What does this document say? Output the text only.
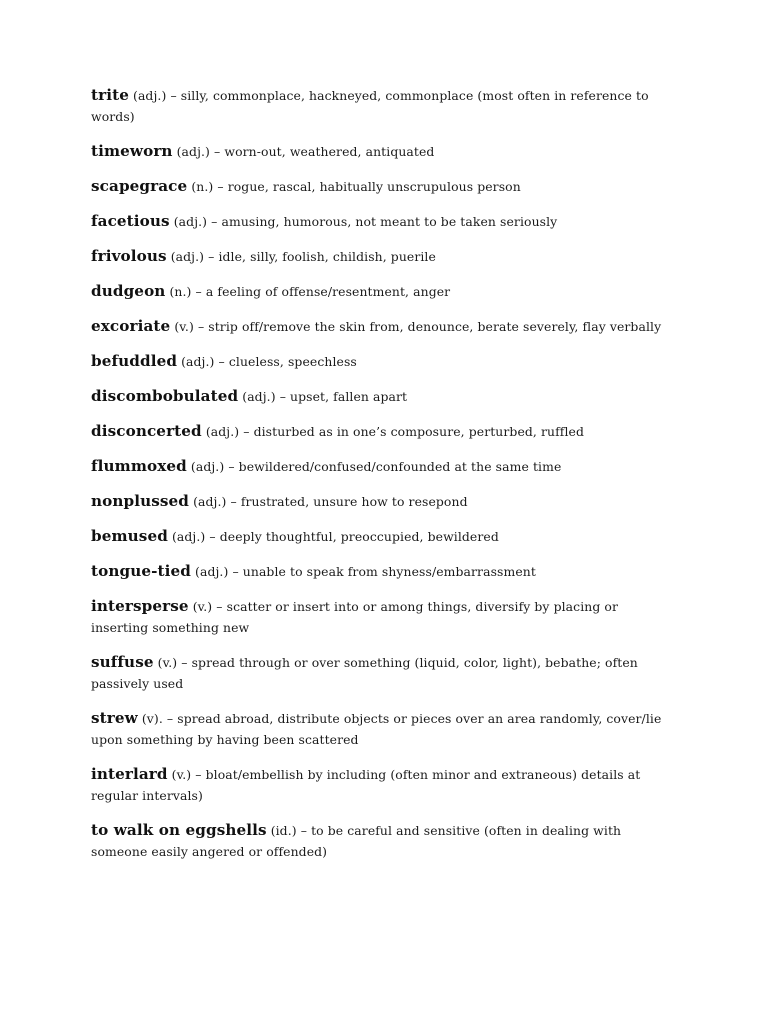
trite (adj.) – silly, commonplace, hackneyed, commonplace (most often in reference to words)
timeworn (adj.) – worn-out, weathered, antiquated
scapegrace (n.) – rogue, rascal, habitually unscrupulous person
facetious (adj.) – amusing, humorous, not meant to be taken seriously
frivolous (adj.) – idle, silly, foolish, childish, puerile
dudgeon (n.) – a feeling of offense/resentment, anger
excoriate (v.) – strip off/remove the skin from, denounce, berate severely, flay verbally
befuddled (adj.) – clueless, speechless
discombobulated (adj.) – upset, fallen apart
disconcerted (adj.) – disturbed as in one’s composure, perturbed, ruffled
flummoxed (adj.) – bewildered/confused/confounded at the same time
nonplussed (adj.) – frustrated, unsure how to resepond
bemused (adj.) – deeply thoughtful, preoccupied, bewildered
tongue-tied (adj.) – unable to speak from shyness/embarrassment
intersperse (v.) – scatter or insert into or among things, diversify by placing or inserting something new
suffuse (v.) – spread through or over something (liquid, color, light), bebathe; often passively used
strew (v). – spread abroad, distribute objects or pieces over an area randomly, cover/lie upon something by having been scattered
interlard (v.) – bloat/embellish by including (often minor and extraneous) details at regular intervals)
to walk on eggshells (id.) – to be careful and sensitive (often in dealing with someone easily angered or offended)
